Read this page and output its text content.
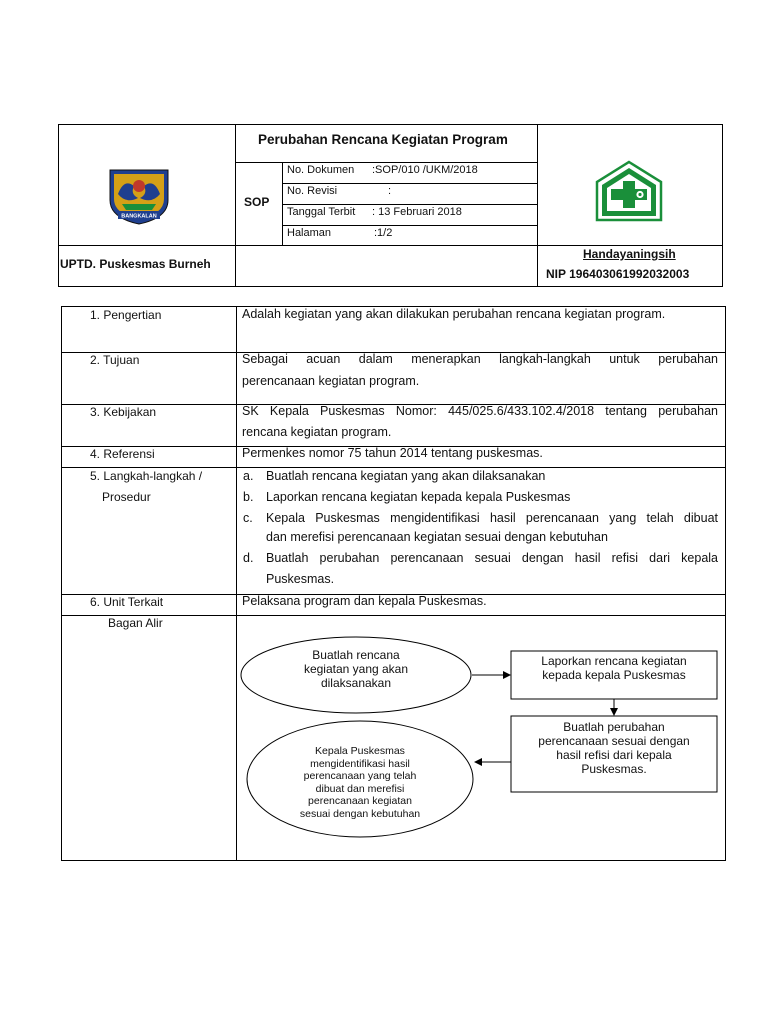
BANGKALAN
Perubahan Rencana Kegiatan Program
SOP
No. Dokumen :SOP/010 /UKM/2018
No. Revisi	:
Tanggal Terbit : 13 Februari 2018
Halaman	:1/2
UPTD. Puskesmas Burneh
Handayaningsih
NIP 196403061992032003
1. Pengertian
2. Tujuan
3. Kebijakan
4. Referensi
5. Langkah-langkah /
Prosedur
6. Unit Terkait
Bagan Alir
Adalah kegiatan yang akan dilakukan perubahan rencana kegiatan program.
Sebagai acuan dalam menerapkan langkah-langkah untuk perubahan
perencanaan kegiatan program.
SK Kepala Puskesmas Nomor: 445/025.6/433.102.4/2018 tentang perubahan
rencana kegiatan program.
Permenkes nomor 75 tahun 2014 tentang puskesmas.
a. Buatlah rencana kegiatan yang akan dilaksanakan
b. Laporkan rencana kegiatan kepada kepala Puskesmas
c. Kepala Puskesmas mengidentifikasi hasil perencanaan yang telah dibuat
dan merefisi perencanaan kegiatan sesuai dengan kebutuhan
d. Buatlah perubahan perencanaan sesuai dengan hasil refisi dari kepala
Puskesmas.
Pelaksana program dan kepala Puskesmas.
Buatlah rencana
kegiatan yang akan
dilaksanakan
Laporkan rencana kegiatan
kepada kepala Puskesmas
Buatlah perubahan
perencanaan sesuai dengan
hasil refisi dari kepala
Puskesmas.
Kepala Puskesmas
mengidentifikasi hasil
perencanaan yang telah
dibuat dan merefisi
perencanaan kegiatan
sesuai dengan kebutuhan
